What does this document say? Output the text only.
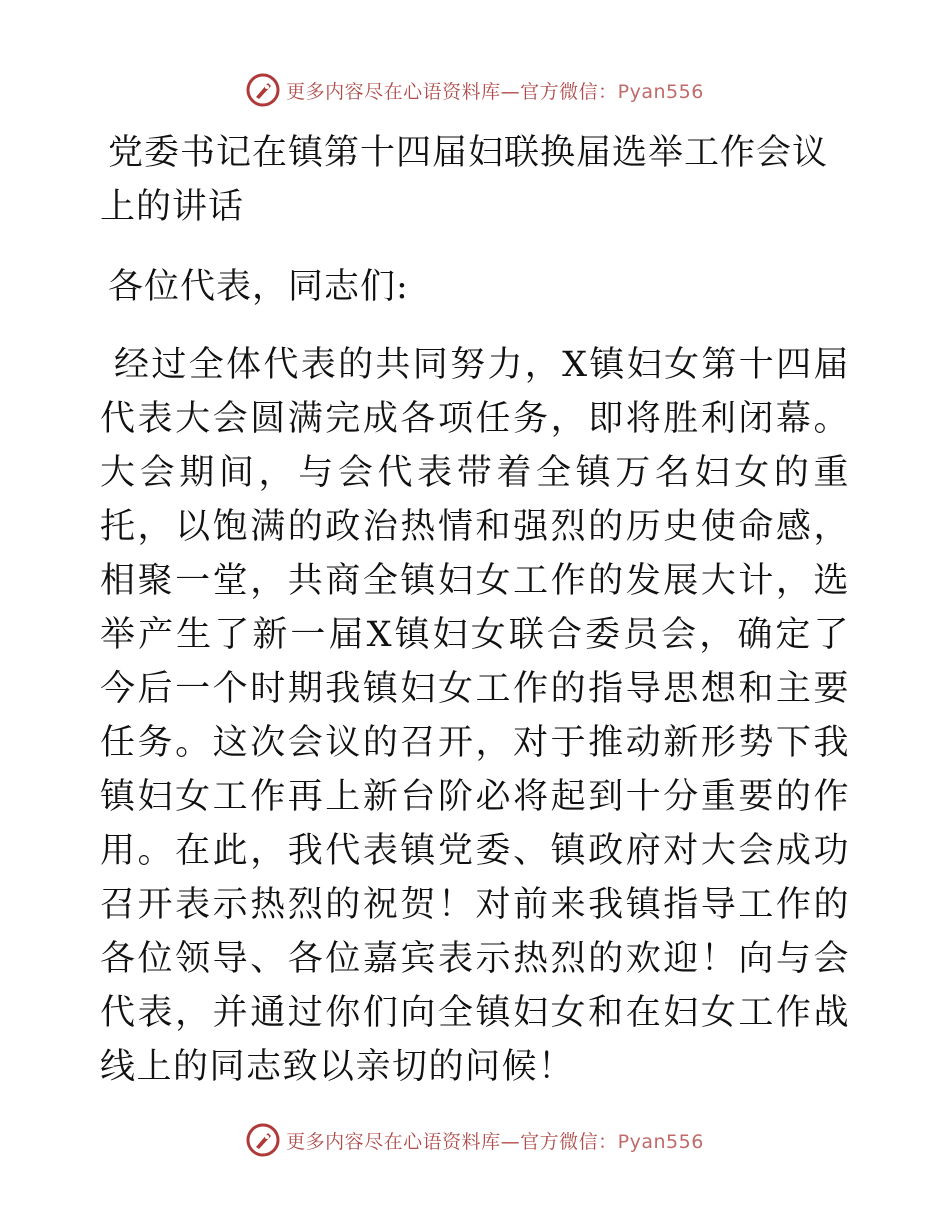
更多内容尽在心语资料库—官方微信：Pyan556
党委书记在镇第十四届妇联换届选举工作会议上的讲话

各位代表，同志们:

经过全体代表的共同努力，X镇妇女第十四届代表大会圆满完成各项任务，即将胜利闭幕。大会期间，与会代表带着全镇万名妇女的重托，以饱满的政治热情和强烈的历史使命感，相聚一堂，共商全镇妇女工作的发展大计，选举产生了新一届X镇妇女联合委员会，确定了今后一个时期我镇妇女工作的指导思想和主要任务。这次会议的召开，对于推动新形势下我镇妇女工作再上新台阶必将起到十分重要的作用。在此，我代表镇党委、镇政府对大会成功召开表示热烈的祝贺！对前来我镇指导工作的各位领导、各位嘉宾表示热烈的欢迎！向与会代表，并通过你们向全镇妇女和在妇女工作战线上的同志致以亲切的问候！

更多内容尽在心语资料库—官方微信：Pyan556
